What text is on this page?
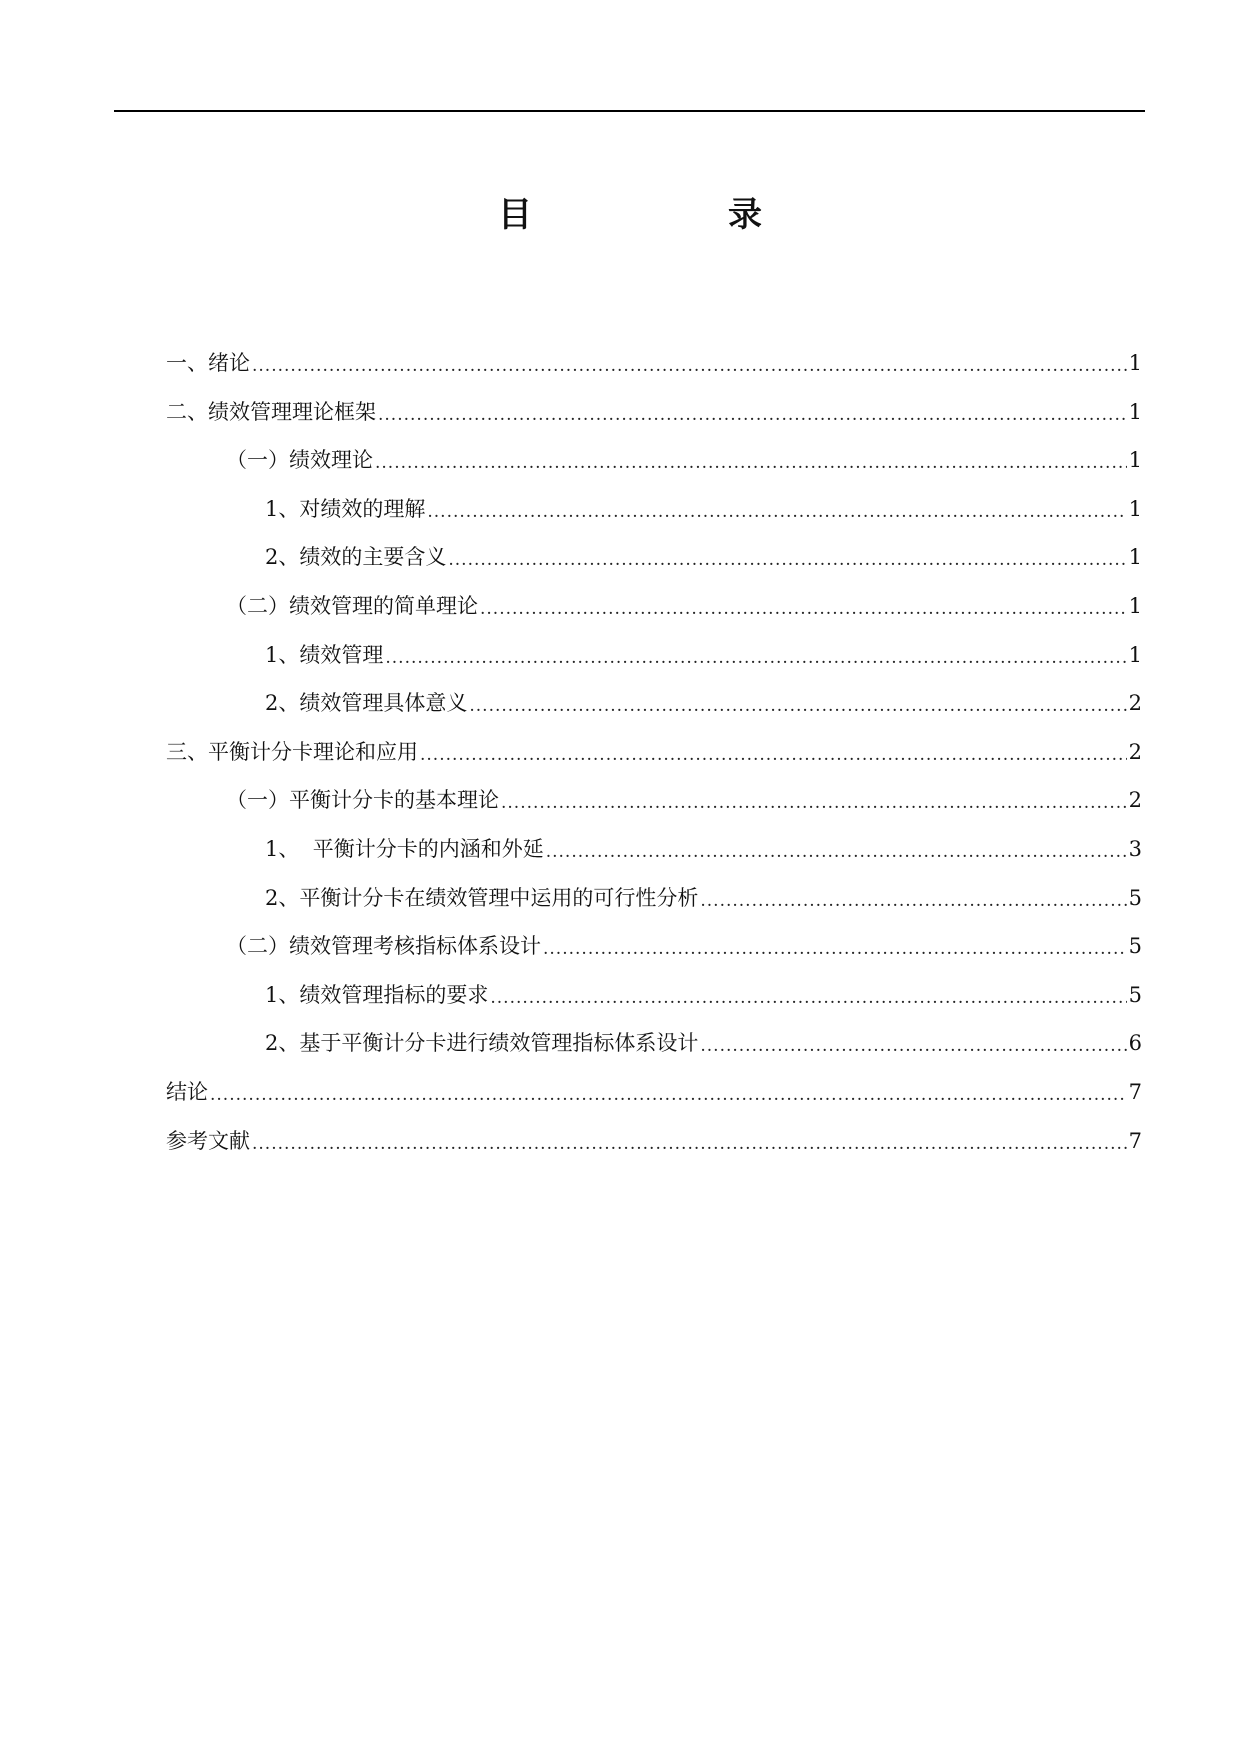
目	录
一、绪论 .....	1
二、绩效管理理论框架 .....	1
（一）绩效理论 .....	1
1、对绩效的理解 .....	1
2、绩效的主要含义 .....	1
（二）绩效管理的简单理论 .....	1
1、绩效管理 .....	1
2、绩效管理具体意义 .....	2
三、平衡计分卡理论和应用 .....	2
（一）平衡计分卡的基本理论 .....	2
1、  平衡计分卡的内涵和外延 .....	3
2、平衡计分卡在绩效管理中运用的可行性分析 .....	5
（二）绩效管理考核指标体系设计 .....	5
1、绩效管理指标的要求 .....	5
2、基于平衡计分卡进行绩效管理指标体系设计 .....	6
结论 .....	7
参考文献 .....	7
